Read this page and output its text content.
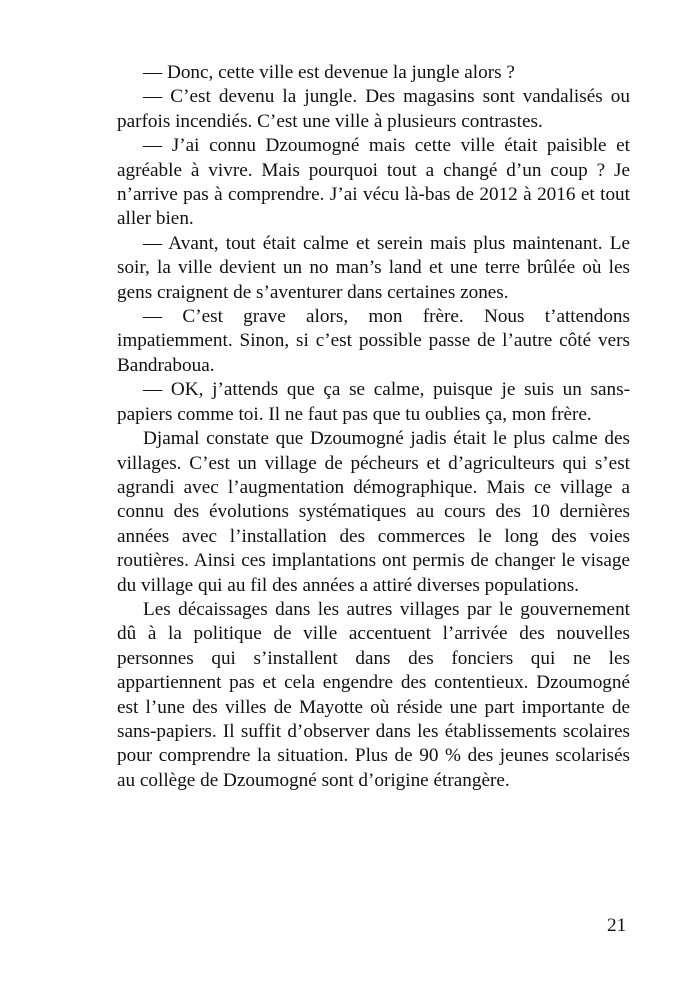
— Donc, cette ville est devenue la jungle alors ?

— C’est devenu la jungle. Des magasins sont vandalisés ou parfois incendiés. C’est une ville à plusieurs contrastes.

— J’ai connu Dzoumogné mais cette ville était paisible et agréable à vivre. Mais pourquoi tout a changé d’un coup ? Je n’arrive pas à comprendre. J’ai vécu là-bas de 2012 à 2016 et tout aller bien.

— Avant, tout était calme et serein mais plus maintenant. Le soir, la ville devient un no man’s land et une terre brûlée où les gens craignent de s’aventurer dans certaines zones.

— C’est grave alors, mon frère. Nous t’attendons impatiemment. Sinon, si c’est possible passe de l’autre côté vers Bandraboua.

— OK, j’attends que ça se calme, puisque je suis un sans-papiers comme toi. Il ne faut pas que tu oublies ça, mon frère.

Djamal constate que Dzoumogné jadis était le plus calme des villages. C’est un village de pécheurs et d’agriculteurs qui s’est agrandi avec l’augmentation démographique. Mais ce village a connu des évolutions systématiques au cours des 10 dernières années avec l’installation des commerces le long des voies routières. Ainsi ces implantations ont permis de changer le visage du village qui au fil des années a attiré diverses populations.

Les décaissages dans les autres villages par le gouvernement dû à la politique de ville accentuent l’arrivée des nouvelles personnes qui s’installent dans des fonciers qui ne les appartiennent pas et cela engendre des contentieux. Dzoumogné est l’une des villes de Mayotte où réside une part importante de sans-papiers. Il suffit d’observer dans les établissements scolaires pour comprendre la situation. Plus de 90 % des jeunes scolarisés au collège de Dzoumogné sont d’origine étrangère.

21
